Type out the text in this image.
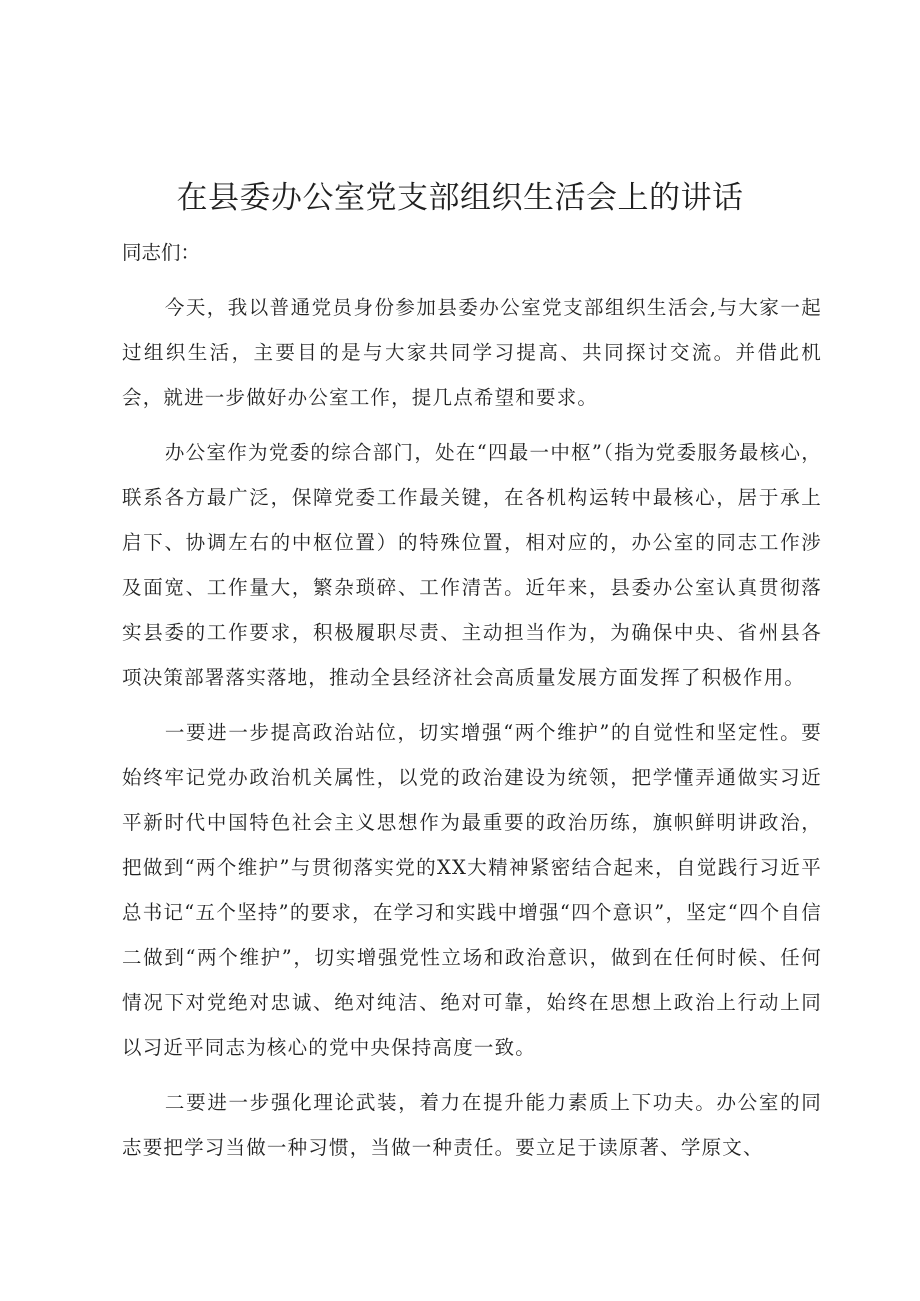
在县委办公室党支部组织生活会上的讲话

同志们：

今天，我以普通党员身份参加县委办公室党支部组织生活会,与大家一起过组织生活，主要目的是与大家共同学习提高、共同探讨交流。并借此机会，就进一步做好办公室工作，提几点希望和要求。

办公室作为党委的综合部门，处在“四最一中枢”（指为党委服务最核心，联系各方最广泛，保障党委工作最关键，在各机构运转中最核心，居于承上启下、协调左右的中枢位置）的特殊位置，相对应的，办公室的同志工作涉及面宽、工作量大，繁杂琐碎、工作清苦。近年来，县委办公室认真贯彻落实县委的工作要求，积极履职尽责、主动担当作为，为确保中央、省州县各项决策部署落实落地，推动全县经济社会高质量发展方面发挥了积极作用。

一要进一步提高政治站位，切实增强“两个维护”的自觉性和坚定性。要始终牢记党办政治机关属性，以党的政治建设为统领，把学懂弄通做实习近平新时代中国特色社会主义思想作为最重要的政治历练，旗帜鲜明讲政治，把做到“两个维护”与贯彻落实党的XX大精神紧密结合起来，自觉践行习近平总书记“五个坚持”的要求，在学习和实践中增强“四个意识”，坚定“四个自信二做到“两个维护”，切实增强党性立场和政治意识，做到在任何时候、任何情况下对党绝对忠诚、绝对纯洁、绝对可靠，始终在思想上政治上行动上同以习近平同志为核心的党中央保持高度一致。

二要进一步强化理论武装，着力在提升能力素质上下功夫。办公室的同志要把学习当做一种习惯，当做一种责任。要立足于读原著、学原文、
